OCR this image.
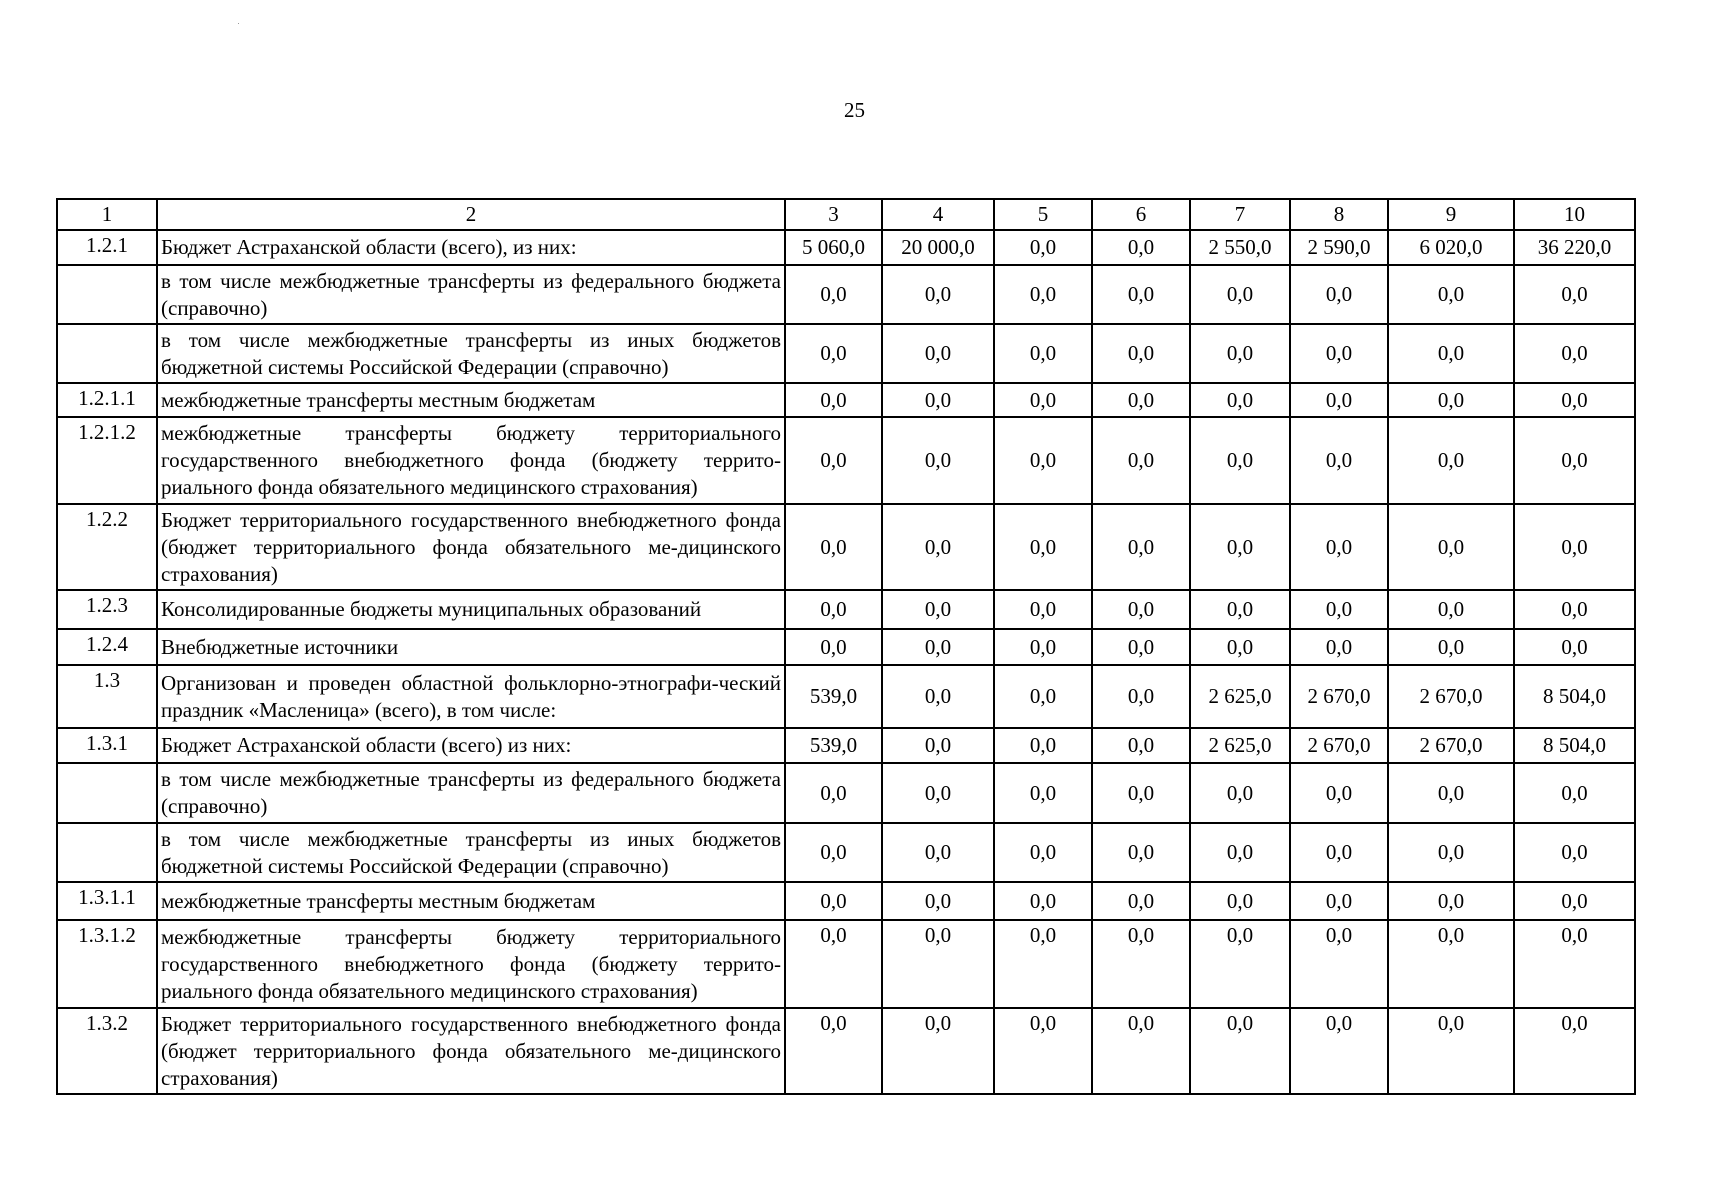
25
1	2	3	4	5	6	7	8	9	10
1.2.1	Бюджет Астраханской области (всего), из них:	5 060,0	20 000,0	0,0	0,0	2 550,0	2 590,0	6 020,0	36 220,0
	в том числе межбюджетные трансферты из федерального бюджета (справочно)	0,0	0,0	0,0	0,0	0,0	0,0	0,0	0,0
	в том числе межбюджетные трансферты из иных бюджетов бюджетной системы Российской Федерации (справочно)	0,0	0,0	0,0	0,0	0,0	0,0	0,0	0,0
1.2.1.1	межбюджетные трансферты местным бюджетам	0,0	0,0	0,0	0,0	0,0	0,0	0,0	0,0
1.2.1.2	межбюджетные трансферты бюджету территориального государственного внебюджетного фонда (бюджету террито-риального фонда обязательного медицинского страхования)	0,0	0,0	0,0	0,0	0,0	0,0	0,0	0,0
1.2.2	Бюджет территориального государственного внебюджетного фонда (бюджет территориального фонда обязательного ме-дицинского страхования)	0,0	0,0	0,0	0,0	0,0	0,0	0,0	0,0
1.2.3	Консолидированные бюджеты муниципальных образований	0,0	0,0	0,0	0,0	0,0	0,0	0,0	0,0
1.2.4	Внебюджетные источники	0,0	0,0	0,0	0,0	0,0	0,0	0,0	0,0
1.3	Организован и проведен областной фольклорно-этнографи-ческий праздник «Масленица» (всего), в том числе:	539,0	0,0	0,0	0,0	2 625,0	2 670,0	2 670,0	8 504,0
1.3.1	Бюджет Астраханской области (всего) из них:	539,0	0,0	0,0	0,0	2 625,0	2 670,0	2 670,0	8 504,0
	в том числе межбюджетные трансферты из федерального бюджета (справочно)	0,0	0,0	0,0	0,0	0,0	0,0	0,0	0,0
	в том числе межбюджетные трансферты из иных бюджетов бюджетной системы Российской Федерации (справочно)	0,0	0,0	0,0	0,0	0,0	0,0	0,0	0,0
1.3.1.1	межбюджетные трансферты местным бюджетам	0,0	0,0	0,0	0,0	0,0	0,0	0,0	0,0
1.3.1.2	межбюджетные трансферты бюджету территориального государственного внебюджетного фонда (бюджету террито-риального фонда обязательного медицинского страхования)	0,0	0,0	0,0	0,0	0,0	0,0	0,0	0,0
1.3.2	Бюджет территориального государственного внебюджетного фонда (бюджет территориального фонда обязательного ме-дицинского страхования)	0,0	0,0	0,0	0,0	0,0	0,0	0,0	0,0
